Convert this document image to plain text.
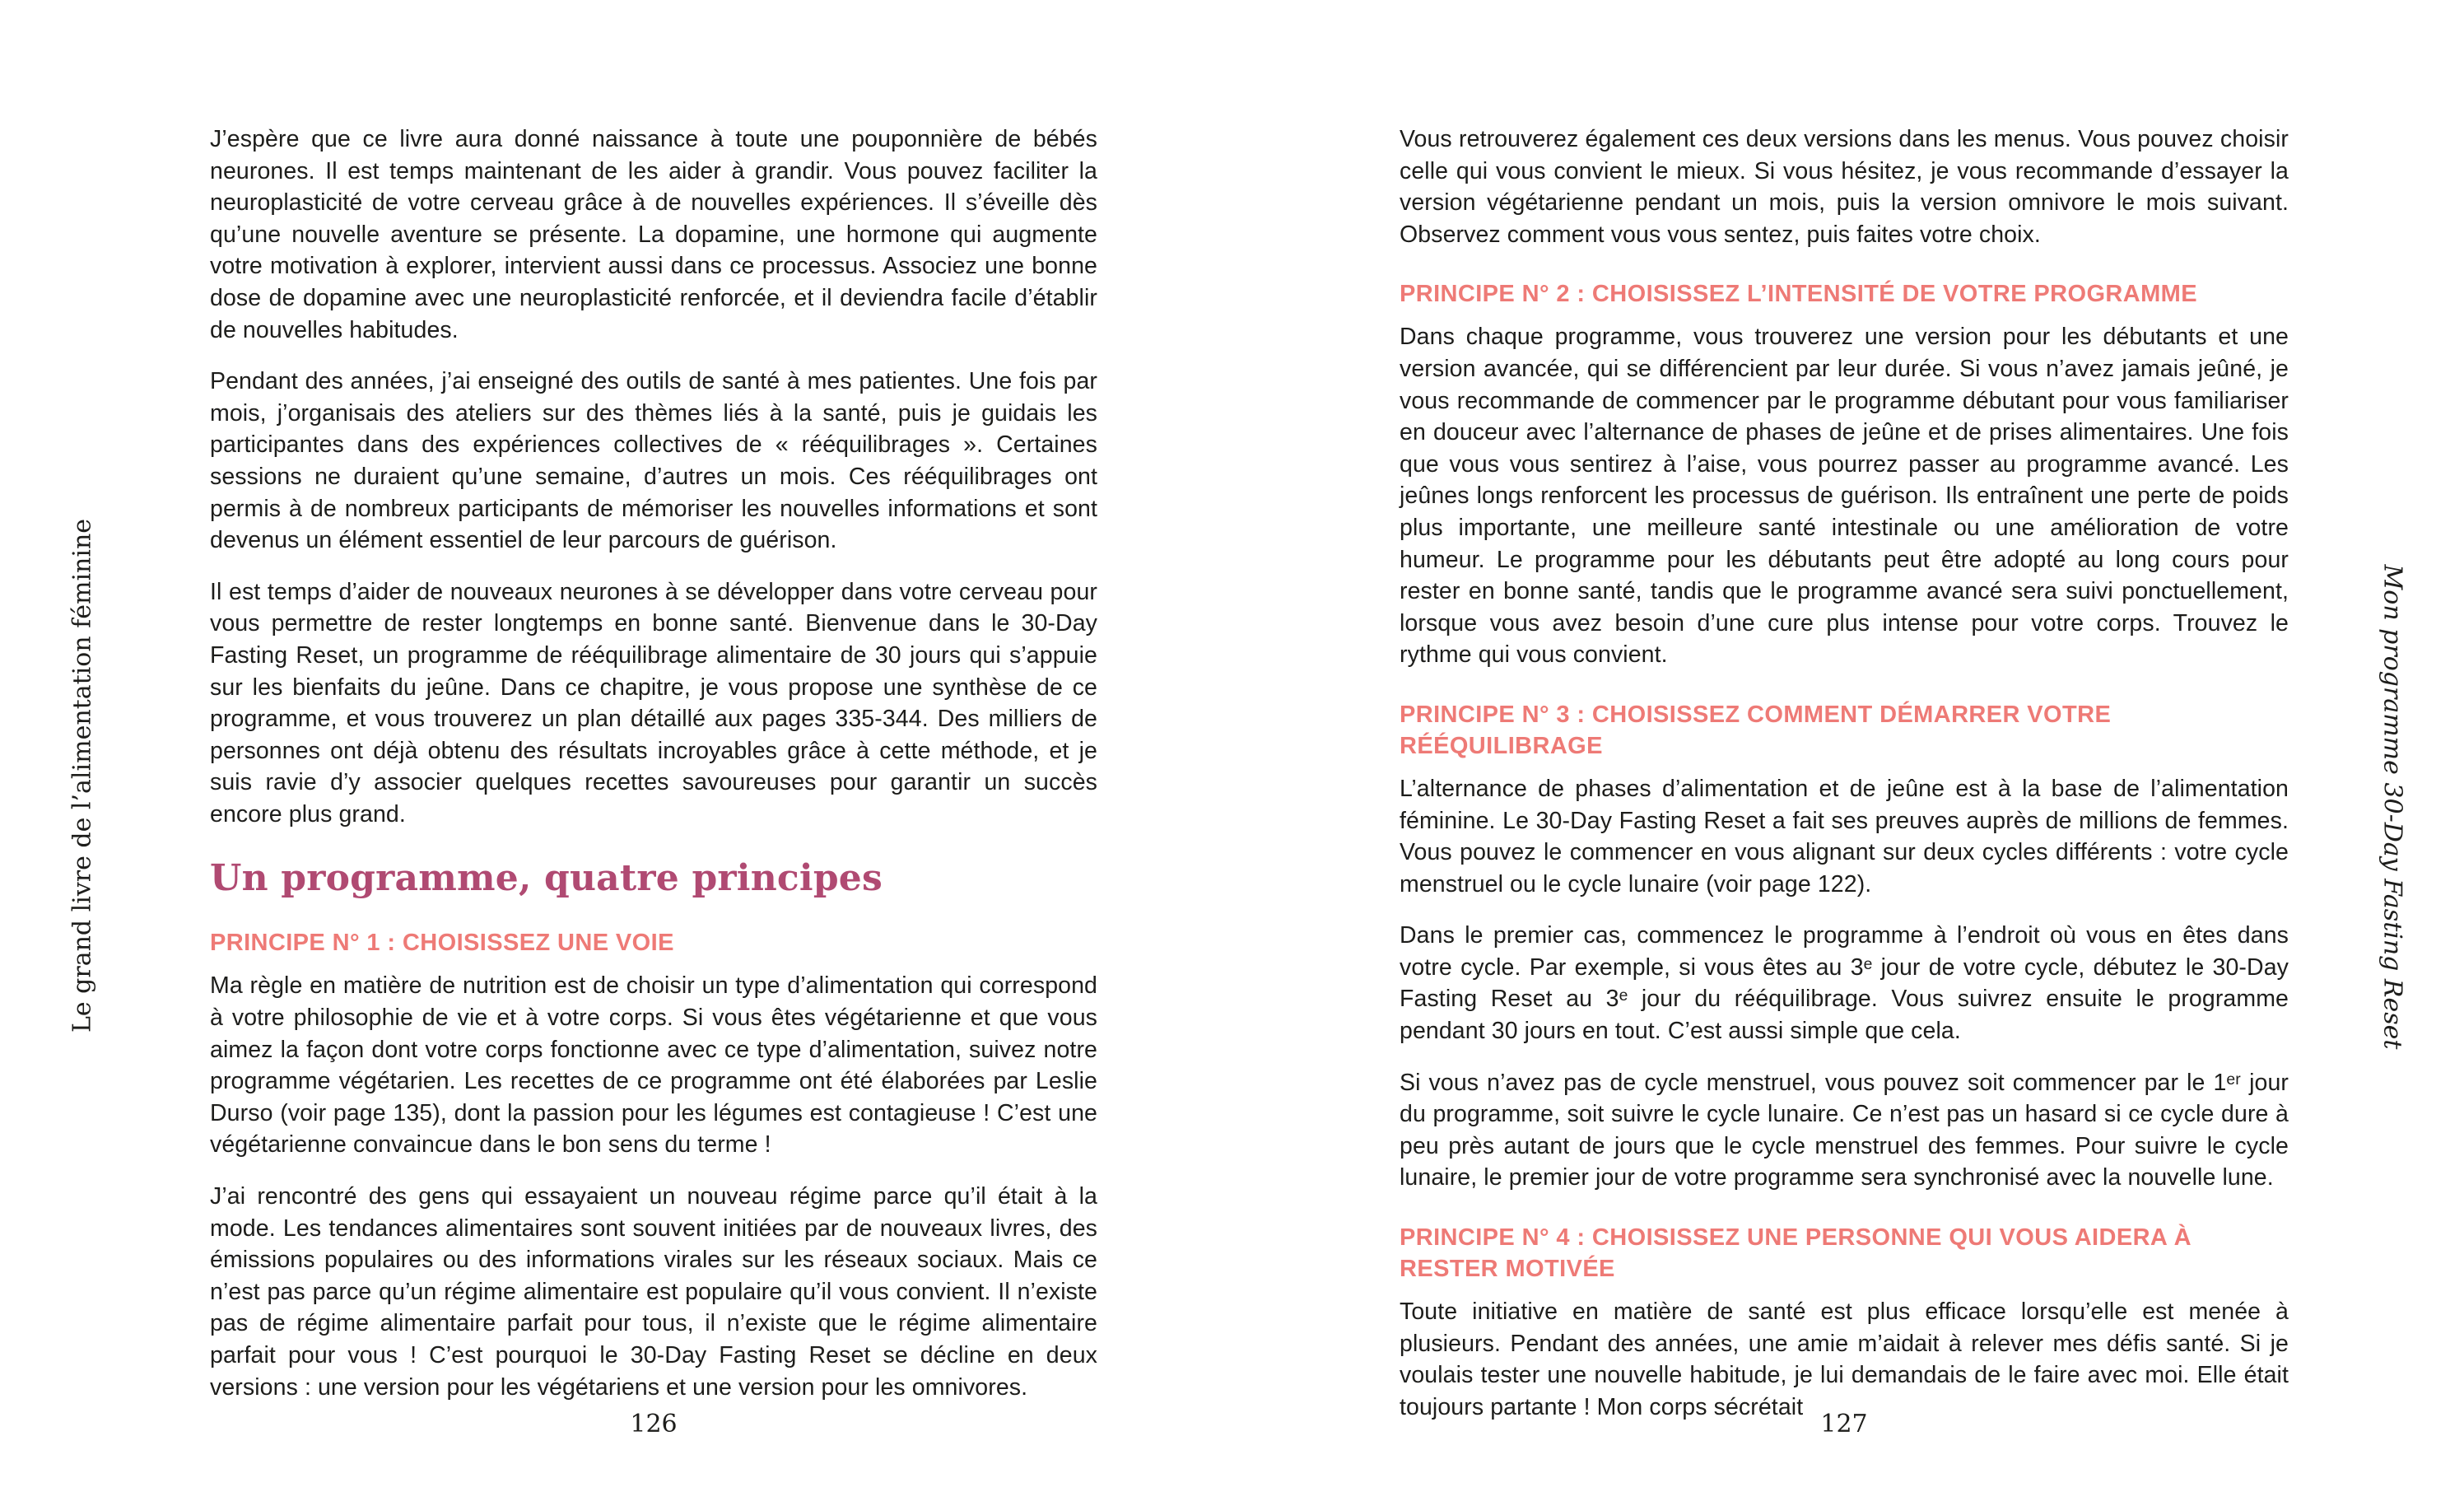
Le grand livre de l’alimentation féminine

J’espère que ce livre aura donné naissance à toute une pouponnière de bébés neurones. Il est temps maintenant de les aider à grandir. Vous pouvez faciliter la neuroplasticité de votre cerveau grâce à de nouvelles expériences. Il s’éveille dès qu’une nouvelle aventure se présente. La dopamine, une hormone qui augmente votre motivation à explorer, intervient aussi dans ce processus. Associez une bonne dose de dopamine avec une neuroplasticité renforcée, et il deviendra facile d’établir de nouvelles habitudes.

Pendant des années, j’ai enseigné des outils de santé à mes patientes. Une fois par mois, j’organisais des ateliers sur des thèmes liés à la santé, puis je guidais les participantes dans des expériences collectives de « rééquilibrages ». Certaines sessions ne duraient qu’une semaine, d’autres un mois. Ces rééquilibrages ont permis à de nombreux participants de mémoriser les nouvelles informations et sont devenus un élément essentiel de leur parcours de guérison.

Il est temps d’aider de nouveaux neurones à se développer dans votre cerveau pour vous permettre de rester longtemps en bonne santé. Bienvenue dans le 30-Day Fasting Reset, un programme de rééquilibrage alimentaire de 30 jours qui s’appuie sur les bienfaits du jeûne. Dans ce chapitre, je vous propose une synthèse de ce programme, et vous trouverez un plan détaillé aux pages 335-344. Des milliers de personnes ont déjà obtenu des résultats incroyables grâce à cette méthode, et je suis ravie d’y associer quelques recettes savoureuses pour garantir un succès encore plus grand.

Un programme, quatre principes
PRINCIPE N° 1 : CHOISISSEZ UNE VOIE

Ma règle en matière de nutrition est de choisir un type d’alimentation qui correspond à votre philosophie de vie et à votre corps. Si vous êtes végétarienne et que vous aimez la façon dont votre corps fonctionne avec ce type d’alimentation, suivez notre programme végétarien. Les recettes de ce programme ont été élaborées par Leslie Durso (voir page 135), dont la passion pour les légumes est contagieuse ! C’est une végétarienne convaincue dans le bon sens du terme !

J’ai rencontré des gens qui essayaient un nouveau régime parce qu’il était à la mode. Les tendances alimentaires sont souvent initiées par de nouveaux livres, des émissions populaires ou des informations virales sur les réseaux sociaux. Mais ce n’est pas parce qu’un régime alimentaire est populaire qu’il vous convient. Il n’existe pas de régime alimentaire parfait pour tous, il n’existe que le régime alimentaire parfait pour vous ! C’est pourquoi le 30-Day Fasting Reset se décline en deux versions : une version pour les végétariens et une version pour les omnivores.

126

Vous retrouverez également ces deux versions dans les menus. Vous pouvez choisir celle qui vous convient le mieux. Si vous hésitez, je vous recommande d’essayer la version végétarienne pendant un mois, puis la version omnivore le mois suivant. Observez comment vous vous sentez, puis faites votre choix.

PRINCIPE N° 2 : CHOISISSEZ L’INTENSITÉ DE VOTRE PROGRAMME

Dans chaque programme, vous trouverez une version pour les débutants et une version avancée, qui se différencient par leur durée. Si vous n’avez jamais jeûné, je vous recommande de commencer par le programme débutant pour vous familiariser en douceur avec l’alternance de phases de jeûne et de prises alimentaires. Une fois que vous vous sentirez à l’aise, vous pourrez passer au programme avancé. Les jeûnes longs renforcent les processus de guérison. Ils entraînent une perte de poids plus importante, une meilleure santé intestinale ou une amélioration de votre humeur. Le programme pour les débutants peut être adopté au long cours pour rester en bonne santé, tandis que le programme avancé sera suivi ponctuellement, lorsque vous avez besoin d’une cure plus intense pour votre corps. Trouvez le rythme qui vous convient.

PRINCIPE N° 3 : CHOISISSEZ COMMENT DÉMARRER VOTRE RÉÉQUILIBRAGE

L’alternance de phases d’alimentation et de jeûne est à la base de l’alimentation féminine. Le 30-Day Fasting Reset a fait ses preuves auprès de millions de femmes. Vous pouvez le commencer en vous alignant sur deux cycles différents : votre cycle menstruel ou le cycle lunaire (voir page 122).

Dans le premier cas, commencez le programme à l’endroit où vous en êtes dans votre cycle. Par exemple, si vous êtes au 3ᵉ jour de votre cycle, débutez le 30-Day Fasting Reset au 3ᵉ jour du rééquilibrage. Vous suivrez ensuite le programme pendant 30 jours en tout. C’est aussi simple que cela.

Si vous n’avez pas de cycle menstruel, vous pouvez soit commencer par le 1ᵉʳ jour du programme, soit suivre le cycle lunaire. Ce n’est pas un hasard si ce cycle dure à peu près autant de jours que le cycle menstruel des femmes. Pour suivre le cycle lunaire, le premier jour de votre programme sera synchronisé avec la nouvelle lune.

PRINCIPE N° 4 : CHOISISSEZ UNE PERSONNE QUI VOUS AIDERA À RESTER MOTIVÉE

Toute initiative en matière de santé est plus efficace lorsqu’elle est menée à plusieurs. Pendant des années, une amie m’aidait à relever mes défis santé. Si je voulais tester une nouvelle habitude, je lui demandais de le faire avec moi. Elle était toujours partante ! Mon corps sécrétait

127
Mon programme 30-Day Fasting Reset
